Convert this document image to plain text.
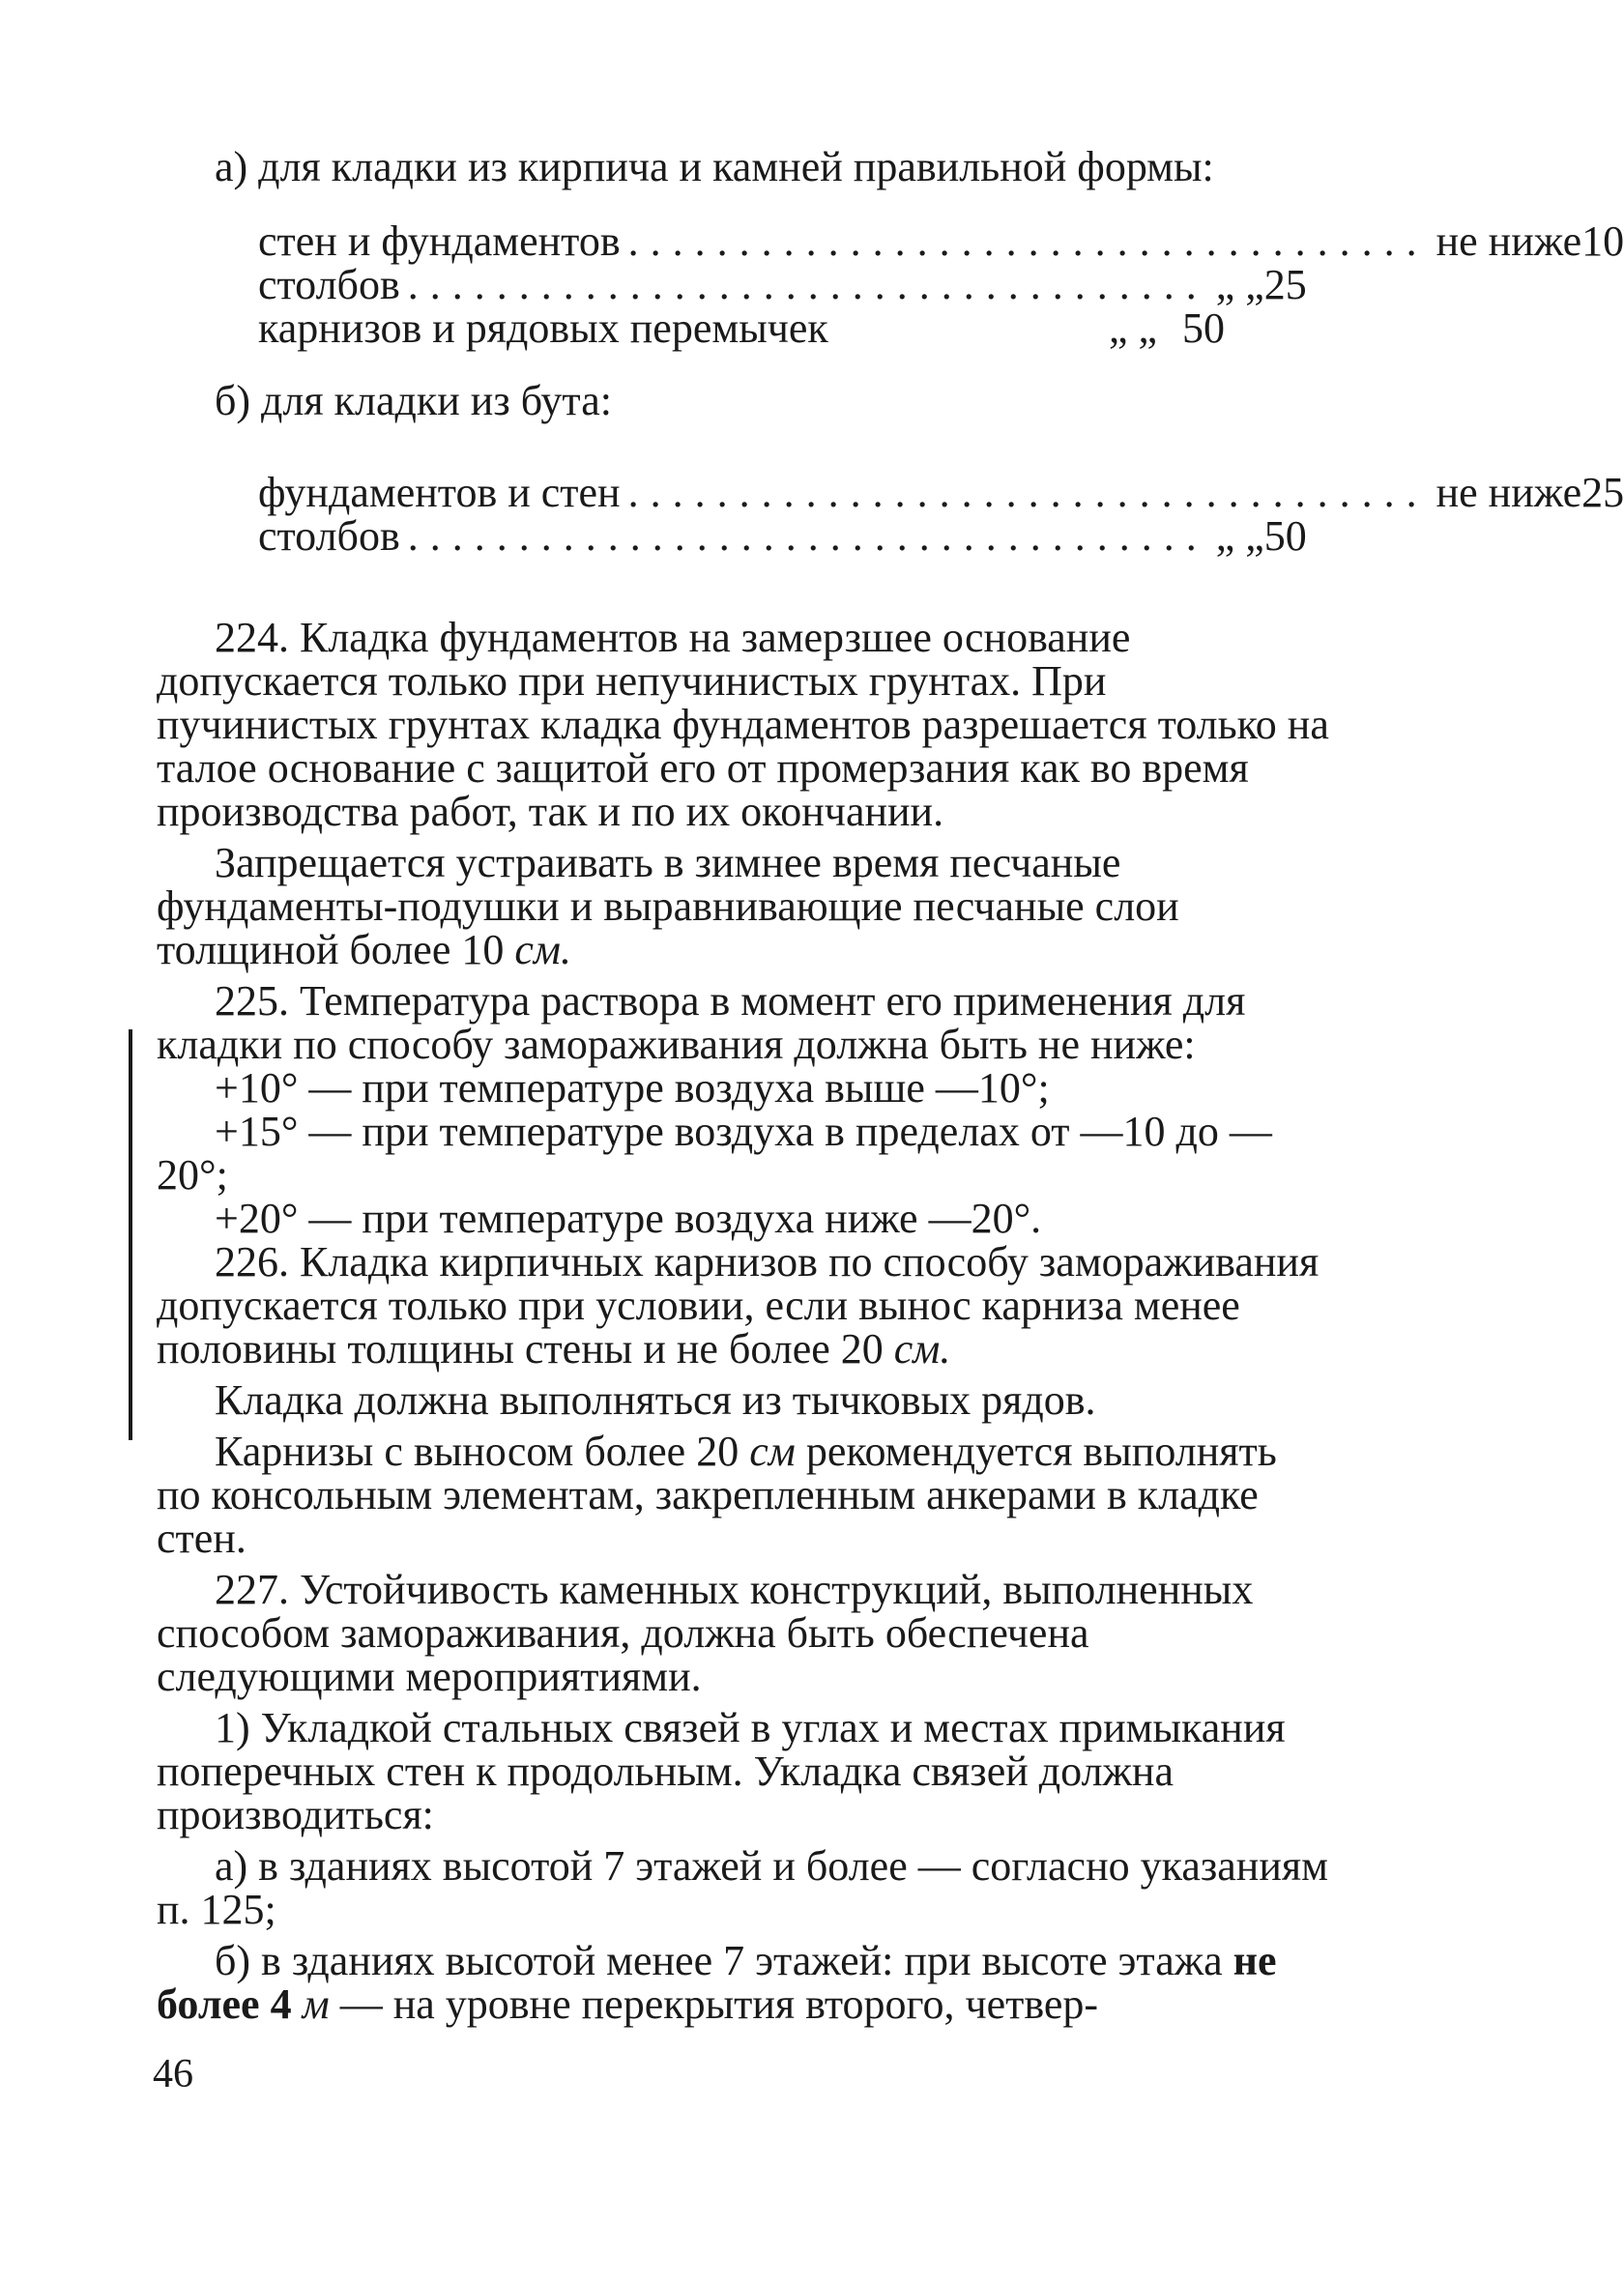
а) для кладки из кирпича и камней правильной формы:

стен и фундаментов .................................... не ниже 10
столбов .................................... „ „ 25
карнизов и рядовых перемычек	„ „ 50
б) для кладки из бута:
фундаментов и стен .................................... не ниже 25
столбов .................................... „ „ 50

224. Кладка фундаментов на замерзшее основание допускается только при непучинистых грунтах. При пучинистых грунтах кладка фундаментов разрешается только на талое основание с защитой его от промерзания как во время производства работ, так и по их окончании.

Запрещается устраивать в зимнее время песчаные фундаменты-подушки и выравнивающие песчаные слои толщиной более 10 см.

225. Температура раствора в момент его применения для кладки по способу замораживания должна быть не ниже:

+10° — при температуре воздуха выше —10°;

+15° — при температуре воздуха в пределах от —10 до —20°;

+20° — при температуре воздуха ниже —20°.

226. Кладка кирпичных карнизов по способу замораживания допускается только при условии, если вынос карниза менее половины толщины стены и не более 20 см.

Кладка должна выполняться из тычковых рядов.

Карнизы с выносом более 20 см рекомендуется выполнять по консольным элементам, закрепленным анкерами в кладке стен.

227. Устойчивость каменных конструкций, выполненных способом замораживания, должна быть обеспечена следующими мероприятиями.

1) Укладкой стальных связей в углах и местах примыкания поперечных стен к продольным. Укладка связей должна производиться:

а) в зданиях высотой 7 этажей и более — согласно указаниям п. 125;

б) в зданиях высотой менее 7 этажей: при высоте этажа не более 4 м — на уровне перекрытия второго, четвер-

46
